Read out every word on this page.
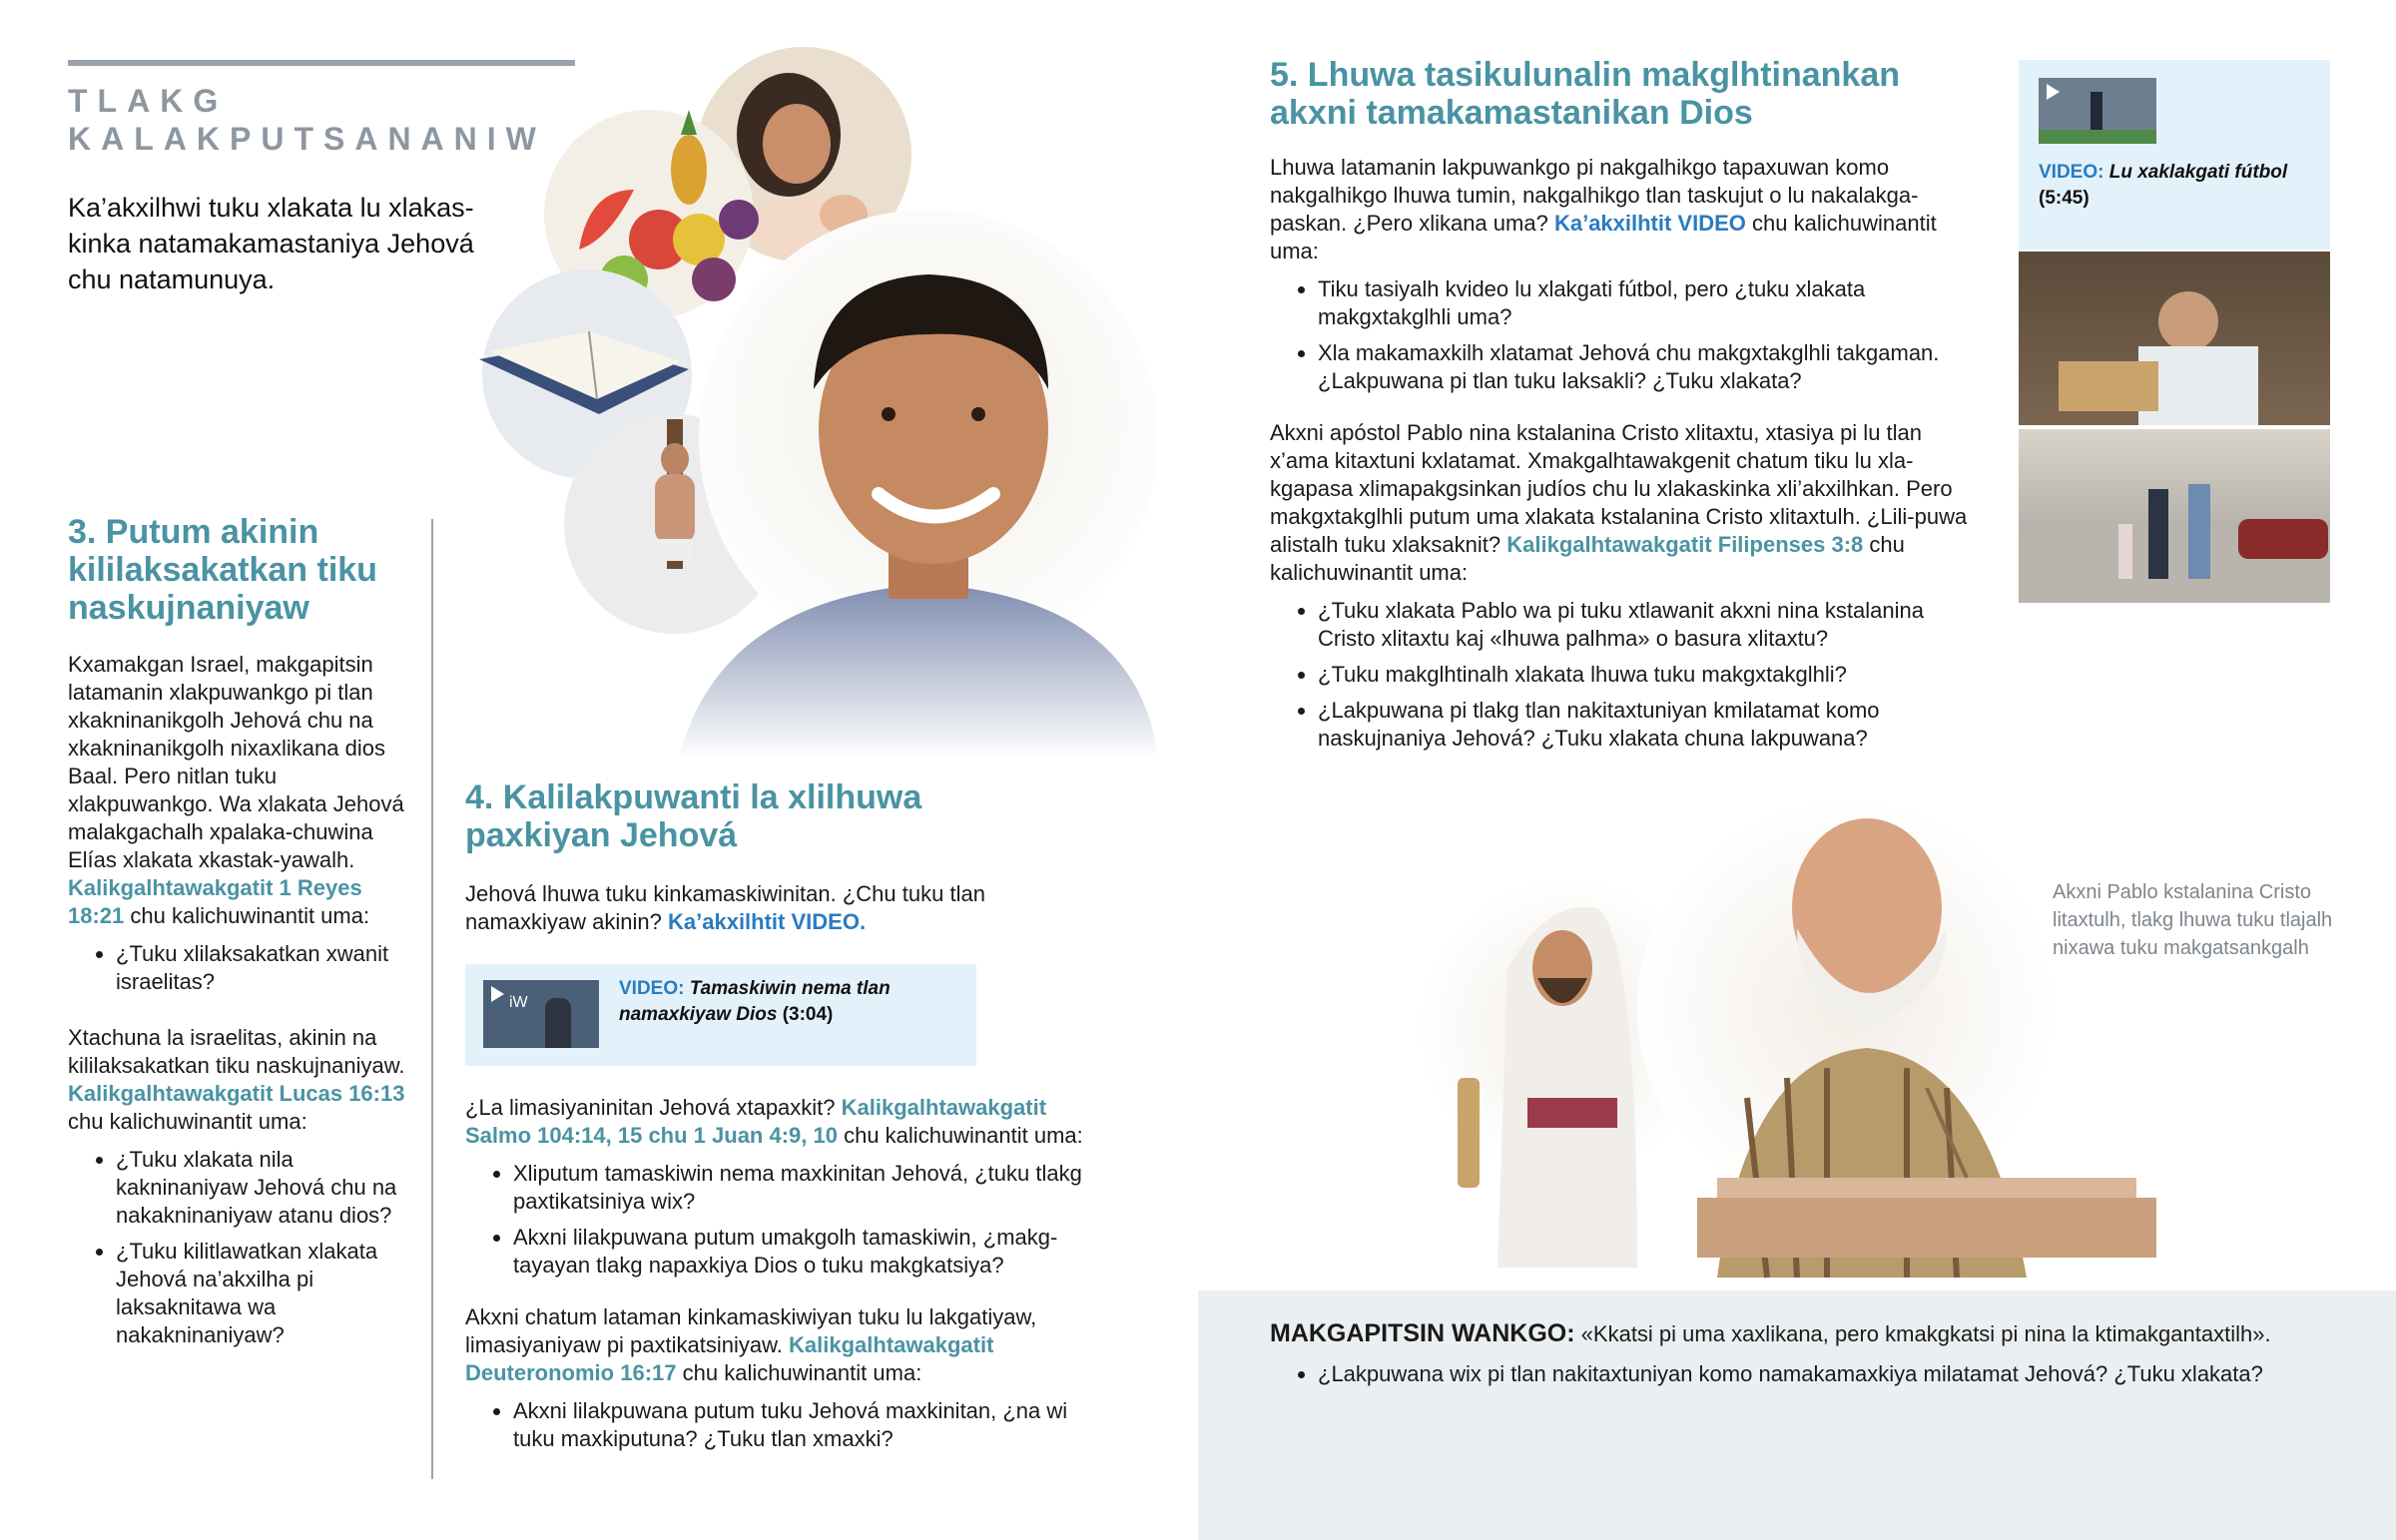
TLAKG
KALAKPUTSANANIW
Ka’akxilhwi tuku xlakata lu xlakas-kinka natamakamastaniya Jehová chu natamunuya.
3. Putum akinin kililaksakatkan tiku naskujnaniyaw

Kxamakgan Israel, makgapitsin latamanin xlakpuwankgo pi tlan xkakninanikgolh Jehová chu na xkakninanikgolh nixaxlikana dios Baal. Pero nitlan tuku xlakpuwankgo. Wa xlakata Jehová malakgachalh xpalaka-chuwina Elías xlakata xkastak-yawalh. Kalikgalhtawakgatit 1 Reyes 18:21 chu kalichuwinantit uma:

• ¿Tuku xlilaksakatkan xwanit israelitas?

Xtachuna la israelitas, akinin na kililaksakatkan tiku naskujnaniyaw. Kalikgalhtawakgatit Lucas 16:13 chu kalichuwinantit uma:

• ¿Tuku xlakata nila kakninaniyaw Jehová chu na nakakninaniyaw atanu dios?
• ¿Tuku kilitlawatkan xlakata Jehová na’akxilha pi laksaknitawa wa nakakninaniyaw?
4. Kalilakpuwanti la xlilhuwa paxkiyan Jehová

Jehová lhuwa tuku kinkamaskiwinitan. ¿Chu tuku tlan namaxkiyaw akinin? Ka’akxilhtit VIDEO.

iW
VIDEO: Tamaskiwin nema tlan namaxkiyaw Dios (3:04)

¿La limasiyaninitan Jehová xtapaxkit? Kalikgalhtawakgatit Salmo 104:14, 15 chu 1 Juan 4:9, 10 chu kalichuwinantit uma:

• Xliputum tamaskiwin nema maxkinitan Jehová, ¿tuku tlakg paxtikatsiniya wix?
• Akxni lilakpuwana putum umakgolh tamaskiwin, ¿makg-tayayan tlakg napaxkiya Dios o tuku makgkatsiya?

Akxni chatum lataman kinkamaskiwiyan tuku lu lakgatiyaw, limasiyaniyaw pi paxtikatsiniyaw. Kalikgalhtawakgatit Deuteronomio 16:17 chu kalichuwinantit uma:

• Akxni lilakpuwana putum tuku Jehová maxkinitan, ¿na wi tuku maxkiputuna? ¿Tuku tlan xmaxki?
5. Lhuwa tasikulunalin makglhtinankan akxni tamakamastanikan Dios

Lhuwa latamanin lakpuwankgo pi nakgalhikgo tapaxuwan komo nakgalhikgo lhuwa tumin, nakgalhikgo tlan taskujut o lu nakalakga-paskan. ¿Pero xlikana uma? Ka’akxilhtit VIDEO chu kalichuwinantit uma:

• Tiku tasiyalh kvideo lu xlakgati fútbol, pero ¿tuku xlakata makgxtakglhli uma?
• Xla makamaxkilh xlatamat Jehová chu makgxtakglhli takgaman. ¿Lakpuwana pi tlan tuku laksakli? ¿Tuku xlakata?

Akxni apóstol Pablo nina kstalanina Cristo xlitaxtu, xtasiya pi lu tlan x’ama kitaxtuni kxlatamat. Xmakgalhtawakgenit chatum tiku lu xla-kgapasa xlimapakgsinkan judíos chu lu xlakaskinka xli’akxilhkan. Pero makgxtakglhli putum uma xlakata kstalanina Cristo xlitaxtulh. ¿Lili-puwa alistalh tuku xlaksaknit? Kalikgalhtawakgatit Filipenses 3:8 chu kalichuwinantit uma:

• ¿Tuku xlakata Pablo wa pi tuku xtlawanit akxni nina kstalanina Cristo xlitaxtu kaj «lhuwa palhma» o basura xlitaxtu?
• ¿Tuku makglhtinalh xlakata lhuwa tuku makgxtakglhli?
• ¿Lakpuwana pi tlakg tlan nakitaxtuniyan kmilatamat komo naskujnaniya Jehová? ¿Tuku xlakata chuna lakpuwana?
VIDEO: Lu xaklakgati fútbol
(5:45)
Akxni Pablo kstalanina Cristo litaxtulh, tlakg lhuwa tuku tlajalh nixawa tuku makgatsankgalh
MAKGAPITSIN WANKGO: «Kkatsi pi uma xaxlikana, pero kmakgkatsi pi nina la ktimakgantaxtilh».
• ¿Lakpuwana wix pi tlan nakitaxtuniyan komo namakamaxkiya milatamat Jehová? ¿Tuku xlakata?
